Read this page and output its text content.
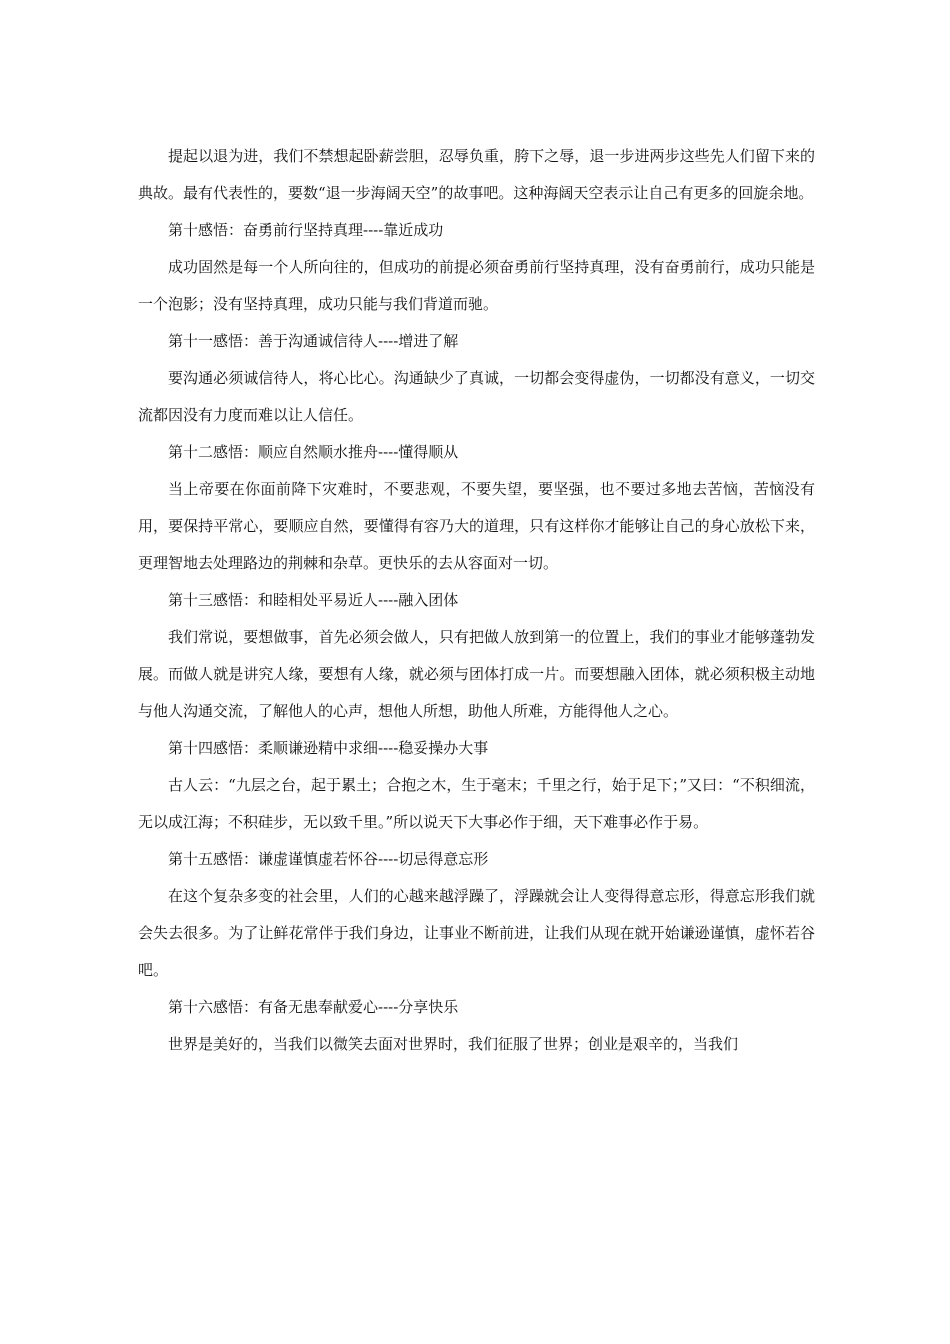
提起以退为进，我们不禁想起卧薪尝胆，忍辱负重，胯下之辱，退一步进两步这些先人们留下来的典故。最有代表性的，要数“退一步海阔天空”的故事吧。这种海阔天空表示让自己有更多的回旋余地。

第十感悟：奋勇前行坚持真理----靠近成功

成功固然是每一个人所向往的，但成功的前提必须奋勇前行坚持真理，没有奋勇前行，成功只能是一个泡影；没有坚持真理，成功只能与我们背道而驰。

第十一感悟：善于沟通诚信待人----增进了解

要沟通必须诚信待人，将心比心。沟通缺少了真诚，一切都会变得虚伪，一切都没有意义，一切交流都因没有力度而难以让人信任。

第十二感悟：顺应自然顺水推舟----懂得顺从

当上帝要在你面前降下灾难时，不要悲观，不要失望，要坚强，也不要过多地去苦恼，苦恼没有用，要保持平常心，要顺应自然，要懂得有容乃大的道理，只有这样你才能够让自己的身心放松下来，更理智地去处理路边的荆棘和杂草。更快乐的去从容面对一切。

第十三感悟：和睦相处平易近人----融入团体

我们常说，要想做事，首先必须会做人，只有把做人放到第一的位置上，我们的事业才能够蓬勃发展。而做人就是讲究人缘，要想有人缘，就必须与团体打成一片。而要想融入团体，就必须积极主动地与他人沟通交流，了解他人的心声，想他人所想，助他人所难，方能得他人之心。

第十四感悟：柔顺谦逊精中求细----稳妥操办大事

古人云：“九层之台，起于累土；合抱之木，生于毫末；千里之行，始于足下；”又曰：“不积细流，无以成江海；不积硅步，无以致千里。”所以说天下大事必作于细，天下难事必作于易。

第十五感悟：谦虚谨慎虚若怀谷----切忌得意忘形

在这个复杂多变的社会里，人们的心越来越浮躁了，浮躁就会让人变得得意忘形，得意忘形我们就会失去很多。为了让鲜花常伴于我们身边，让事业不断前进，让我们从现在就开始谦逊谨慎，虚怀若谷吧。

第十六感悟：有备无患奉献爱心----分享快乐

世界是美好的，当我们以微笑去面对世界时，我们征服了世界；创业是艰辛的，当我们
